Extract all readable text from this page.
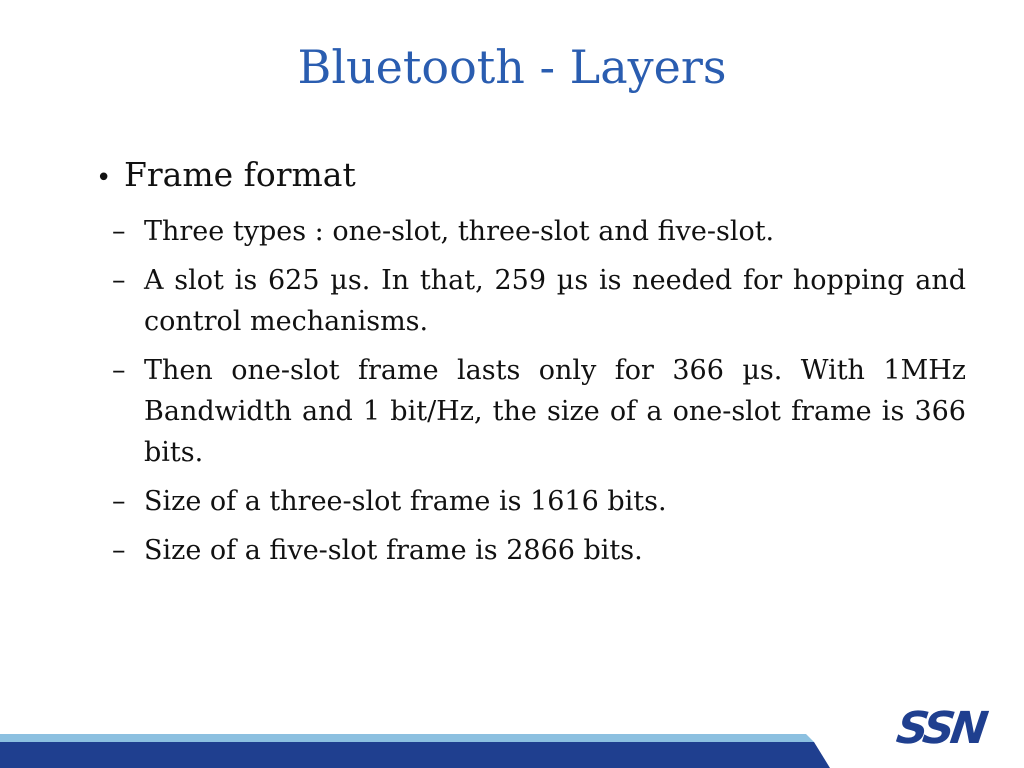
Bluetooth - Layers
• Frame format
– Three types : one-slot, three-slot and five-slot.
– A slot is 625 µs. In that, 259 µs is needed for hopping and control mechanisms.
– Then one-slot frame lasts only for 366 µs. With 1MHz Bandwidth and 1 bit/Hz, the size of a one-slot frame is 366 bits.
– Size of a three-slot frame is 1616 bits.
– Size of a five-slot frame is 2866 bits.
SSN
